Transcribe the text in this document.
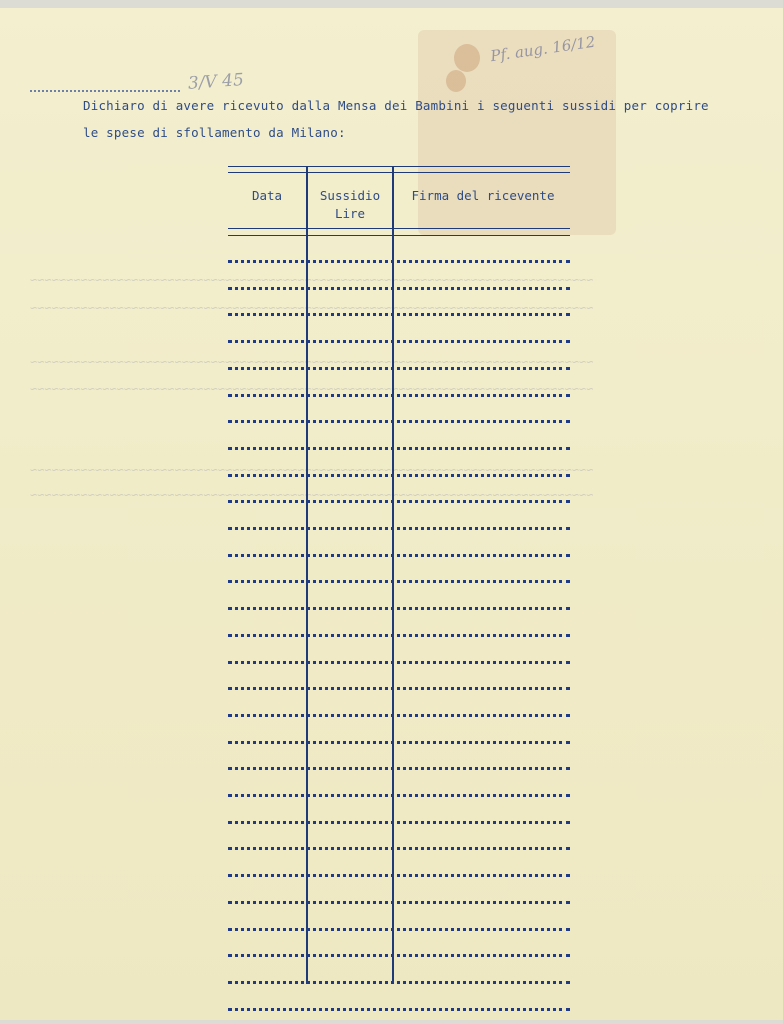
Pf. aug. 16/12
~~~~~~~~~~~~~~~~~~~~~~~~~~~~~~~~~~~~~~~~~~~~~~~~~~~~~~~~~~~~~~~~~~~~~~~~~~~~~~
~~~~~~~~~~~~~~~~~~~~~~~~~~~~~~~~~~~~~~~~~~~~~~~~~~~~~~~~~~~~~~~~~~~~~~~~~~~~~~
~~~~~~~~~~~~~~~~~~~~~~~~~~~~~~~~~~~~~~~~~~~~~~~~~~~~~~~~~~~~~~~~~~~~~~~~~~~~~~
~~~~~~~~~~~~~~~~~~~~~~~~~~~~~~~~~~~~~~~~~~~~~~~~~~~~~~~~~~~~~~~~~~~~~~~~~~~~~~
~~~~~~~~~~~~~~~~~~~~~~~~~~~~~~~~~~~~~~~~~~~~~~~~~~~~~~~~~~~~~~~~~~~~~~~~~~~~~~
~~~~~~~~~~~~~~~~~~~~~~~~~~~~~~~~~~~~~~~~~~~~~~~~~~~~~~~~~~~~~~~~~~~~~~~~~~~~~~
3/V 45
Dichiaro di avere ricevuto dalla Mensa dei Bambini i seguenti sussidi per coprire
le spese di sfollamento da Milano:
Data	Sussidio
Lire
Firma del ricevente
